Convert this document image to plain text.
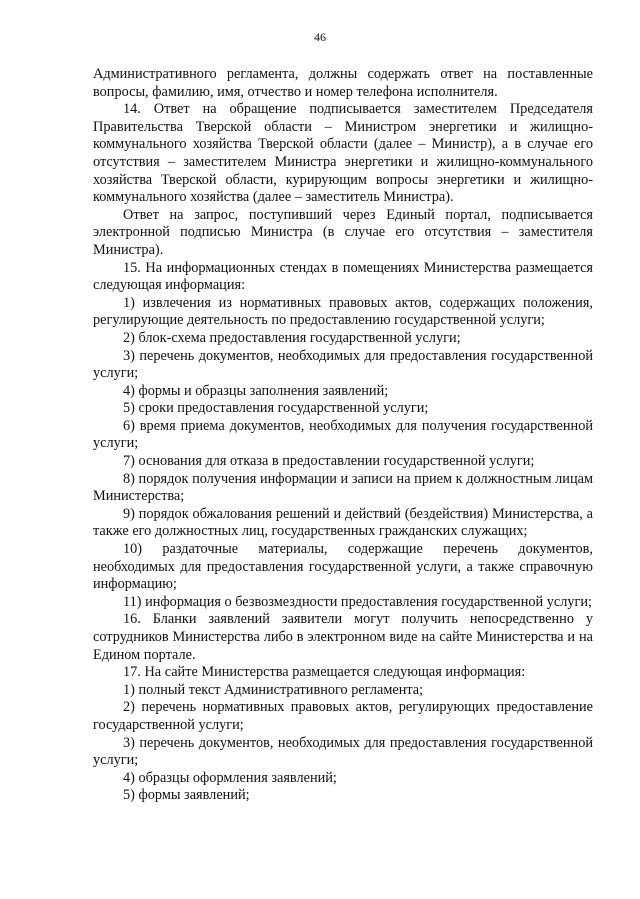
46

Административного регламента, должны содержать ответ на поставленные вопросы, фамилию, имя, отчество и номер телефона исполнителя.

14. Ответ на обращение подписывается заместителем Председателя Правительства Тверской области – Министром энергетики и жилищно-коммунального хозяйства Тверской области (далее – Министр), а в случае его отсутствия – заместителем Министра энергетики и жилищно-коммунального хозяйства Тверской области, курирующим вопросы энергетики и жилищно-коммунального хозяйства (далее – заместитель Министра).

Ответ на запрос, поступивший через Единый портал, подписывается электронной подписью Министра (в случае его отсутствия – заместителя Министра).

15. На информационных стендах в помещениях Министерства размещается следующая информация:

1) извлечения из нормативных правовых актов, содержащих положения, регулирующие деятельность по предоставлению государственной услуги;

2) блок-схема предоставления государственной услуги;

3) перечень документов, необходимых для предоставления государственной услуги;

4) формы и образцы заполнения заявлений;

5) сроки предоставления государственной услуги;

6) время приема документов, необходимых для получения государственной услуги;

7) основания для отказа в предоставлении государственной услуги;

8) порядок получения информации и записи на прием к должностным лицам Министерства;

9) порядок обжалования решений и действий (бездействия) Министерства, а также его должностных лиц, государственных гражданских служащих;

10) раздаточные материалы, содержащие перечень документов, необходимых для предоставления государственной услуги, а также справочную информацию;

11) информация о безвозмездности предоставления государственной услуги;

16. Бланки заявлений заявители могут получить непосредственно у сотрудников Министерства либо в электронном виде на сайте Министерства и на Едином портале.

17. На сайте Министерства размещается следующая информация:

1) полный текст Административного регламента;

2) перечень нормативных правовых актов, регулирующих предоставление государственной услуги;

3) перечень документов, необходимых для предоставления государственной услуги;

4) образцы оформления заявлений;

5) формы заявлений;
